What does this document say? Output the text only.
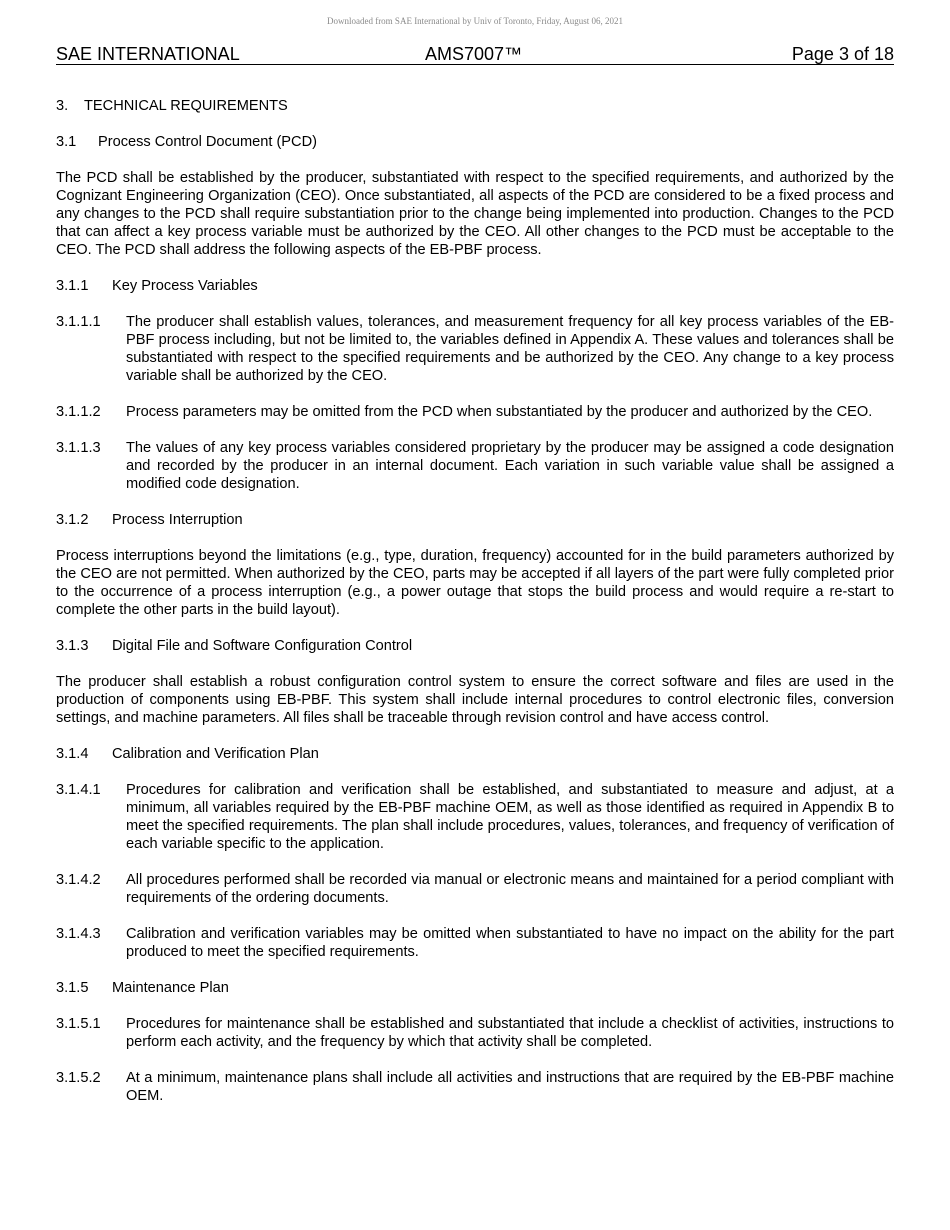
Downloaded from SAE International by Univ of Toronto, Friday, August 06, 2021
SAE INTERNATIONAL	AMS7007™	Page 3 of 18
3. TECHNICAL REQUIREMENTS
3.1 Process Control Document (PCD)

The PCD shall be established by the producer, substantiated with respect to the specified requirements, and authorized by the Cognizant Engineering Organization (CEO). Once substantiated, all aspects of the PCD are considered to be a fixed process and any changes to the PCD shall require substantiation prior to the change being implemented into production. Changes to the PCD that can affect a key process variable must be authorized by the CEO. All other changes to the PCD must be acceptable to the CEO. The PCD shall address the following aspects of the EB-PBF process.

3.1.1 Key Process Variables
3.1.1.1	The producer shall establish values, tolerances, and measurement frequency for all key process variables of the EB-PBF process including, but not be limited to, the variables defined in Appendix A. These values and tolerances shall be substantiated with respect to the specified requirements and be authorized by the CEO. Any change to a key process variable shall be authorized by the CEO.
3.1.1.2	Process parameters may be omitted from the PCD when substantiated by the producer and authorized by the CEO.
3.1.1.3	The values of any key process variables considered proprietary by the producer may be assigned a code designation and recorded by the producer in an internal document. Each variation in such variable value shall be assigned a modified code designation.
3.1.2 Process Interruption

Process interruptions beyond the limitations (e.g., type, duration, frequency) accounted for in the build parameters authorized by the CEO are not permitted. When authorized by the CEO, parts may be accepted if all layers of the part were fully completed prior to the occurrence of a process interruption (e.g., a power outage that stops the build process and would require a re-start to complete the other parts in the build layout).

3.1.3 Digital File and Software Configuration Control

The producer shall establish a robust configuration control system to ensure the correct software and files are used in the production of components using EB-PBF. This system shall include internal procedures to control electronic files, conversion settings, and machine parameters. All files shall be traceable through revision control and have access control.

3.1.4 Calibration and Verification Plan
3.1.4.1	Procedures for calibration and verification shall be established, and substantiated to measure and adjust, at a minimum, all variables required by the EB-PBF machine OEM, as well as those identified as required in Appendix B to meet the specified requirements. The plan shall include procedures, values, tolerances, and frequency of verification of each variable specific to the application.
3.1.4.2	All procedures performed shall be recorded via manual or electronic means and maintained for a period compliant with requirements of the ordering documents.
3.1.4.3	Calibration and verification variables may be omitted when substantiated to have no impact on the ability for the part produced to meet the specified requirements.
3.1.5 Maintenance Plan
3.1.5.1	Procedures for maintenance shall be established and substantiated that include a checklist of activities, instructions to perform each activity, and the frequency by which that activity shall be completed.
3.1.5.2	At a minimum, maintenance plans shall include all activities and instructions that are required by the EB-PBF machine OEM.
